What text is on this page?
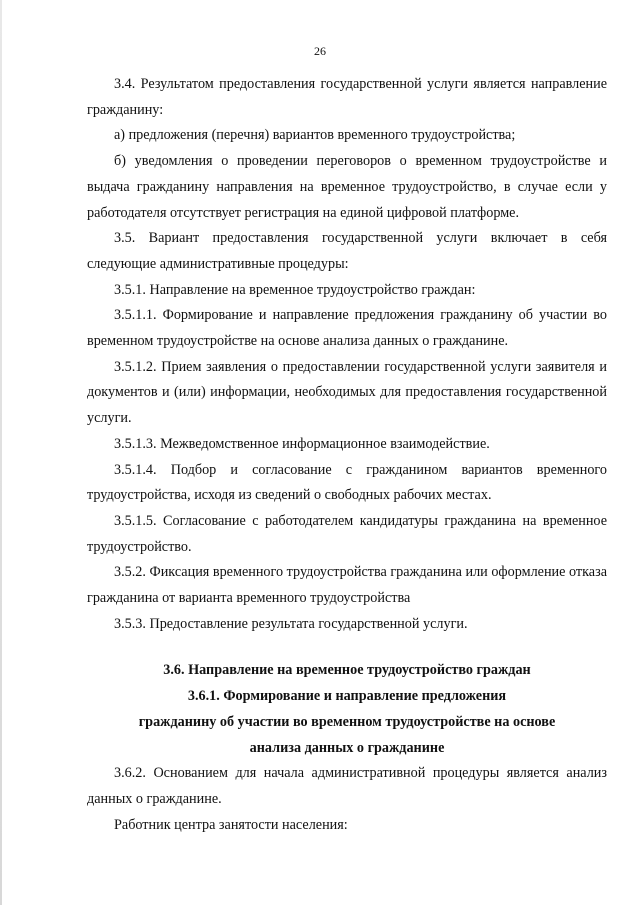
26

3.4. Результатом предоставления государственной услуги является направление гражданину:

а) предложения (перечня) вариантов временного трудоустройства;

б) уведомления о проведении переговоров о временном трудоустройстве и выдача гражданину направления на временное трудоустройство, в случае если у работодателя отсутствует регистрация на единой цифровой платформе.

3.5. Вариант предоставления государственной услуги включает в себя следующие административные процедуры:

3.5.1. Направление на временное трудоустройство граждан:

3.5.1.1. Формирование и направление предложения гражданину об участии во временном трудоустройстве на основе анализа данных о гражданине.

3.5.1.2. Прием заявления о предоставлении государственной услуги заявителя и документов и (или) информации, необходимых для предоставления государственной услуги.

3.5.1.3. Межведомственное информационное взаимодействие.

3.5.1.4. Подбор и согласование с гражданином вариантов временного трудоустройства, исходя из сведений о свободных рабочих местах.

3.5.1.5. Согласование с работодателем кандидатуры гражданина на временное трудоустройство.

3.5.2. Фиксация временного трудоустройства гражданина или оформление отказа гражданина от варианта временного трудоустройства

3.5.3. Предоставление результата государственной услуги.

3.6. Направление на временное трудоустройство граждан

3.6.1. Формирование и направление предложения

гражданину об участии во временном трудоустройстве на основе

анализа данных о гражданине

3.6.2. Основанием для начала административной процедуры является анализ данных о гражданине.

Работник центра занятости населения:
